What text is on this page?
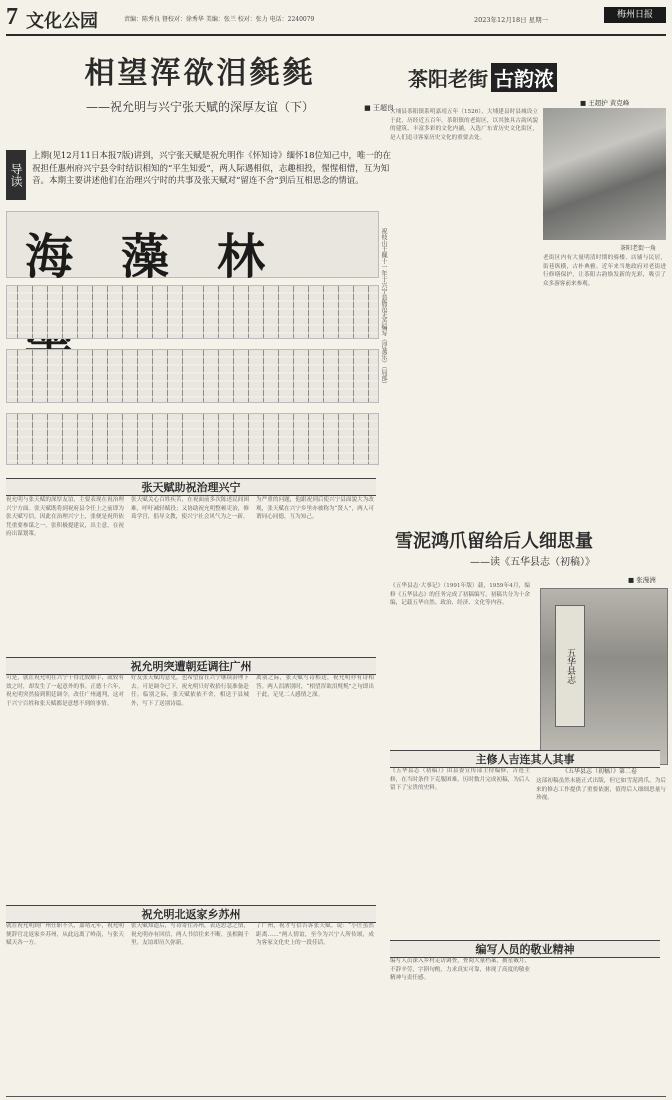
7 文化公园	责编：陈秀良 督校对：徐秀华 美编：张兰 校对：张力 电话：2240079	2023年12月18日 星期一	梅州日报
相望浑欲泪毵毵
——祝允明与兴宁张天赋的深厚友谊（下）	■ 王超良
导读
上期(见12月11日本报7版)讲到，兴宁张天赋是祝允明作《怀知诗》缅怀18位知己中，唯一的在祝担任惠州府兴宁县令时结识相知的“平生知爱”，两人际遇相似，志趣相投，惺惺相惜，互为知音。本期主要讲述他们在治理兴宁时的共事及张天赋对“留连不舍”到后互相思念的情谊。
海 藻 林	祝枝山王佩十一年于兴宁县衙范无苦编写《浮蒸乐》（局部）
张天赋助祝治理兴宁
祝允明与张天赋的深厚友谊，主要表现在祝治理兴宁方面。张天赋既将到祝府县令任上之前即为张天赋写信，因此在治理兴宁上，张便是祝所依凭重要参谋之一。张积极提建议，出主意，在祝府出谋划策。
张天赋关心百姓疾苦，在祝面前多次陈述民间困难，呼吁减轻赋役；又协助祝允明整顿吏治，修葺学宫，倡导文教，使兴宁社会风气为之一新。
为严重的问题，他跟祝到后使兴宁县面貌大为改观，张天赋在兴宁乡里亦被称为“贤人”，两人可谓同心同德，互为知己。
祝允明突遭朝廷调往广州
可是，就在祝允明在兴宁干得比较顺手，或较有效之时，却发生了一起意外的事。正德十六年，祝允明突然接到朝廷调令，改任广州通判，这对于兴宁百姓和张天赋都是意想不到的事情。
好友张天赋的意见，也希望留在兴宁继续治理下去。可是调令已下，祝允明只好收拾行装准备赴任。临别之际，张天赋依依不舍，相送于县城外，写下了送别诗篇。
离别之际，张天赋写诗相送，祝允明亦有诗相答。两人泪洒别时，“相望浑欲泪毵毵”之句即出于此，足见二人感情之深。
祝允明北返家乡苏州
就在祝允明到广州任职不久，嘉靖元年，祝允明便辞官北返家乡苏州，从此远离了岭南，与张天赋天各一方。
张天赋知道后，写诗寄往苏州，表达思念之情，祝允明亦有回信，两人书信往来不断，虽相隔千里，友谊却历久弥新。
了广州，祝才写信告诉张天赋。说：“小庄虽然距离……”两人情谊，至今为兴宁人所传颂，成为客家文化史上的一段佳话。
茶阳老街 古韵浓
■ 王超护 黄克峰
大埔县茶阳镇系明嘉靖五年（1526），大埔建县时县城设立于此，历经近五百年。茶阳镇的老街区，以其独具古韵风貌的建筑、丰富多彩的文化内涵，入选广东省历史文化街区，是人们追寻客家历史文化的重要去处。
茶阳老街一角
老街区内有大量明清时期的骑楼、店铺与民居，街巷纵横，古朴典雅。近年来当地政府对老街进行修缮保护，让茶阳古韵焕发新的光彩，吸引了众多游客前来参观。
雪泥鸿爪留给后人细思量
——读《五华县志（初稿）》
■ 张漫洲
《五华县志·大事记》（1991年版）载，1959年4月，编修《五华县志》的任务完成了初稿编写，初稿共分为十余编，记载五华自然、政治、经济、文化等内容。
五华县志
《五华县志（初稿）》第二卷
主修人吉连其人其事
《五华县志（初稿）》由县委宣传部主持编修，吉连主修，在当时条件下克服困难，历时数月完成初稿，为后人留下了宝贵的史料。
这部初稿虽然未能正式出版，但它如雪泥鸿爪，为后来的修志工作提供了重要依据，值得后人细细思量与珍视。
编写人员的敬业精神
编写人员深入乡村走访调查，查阅大量档案，披星戴月，不辞辛劳，字斟句酌，力求真实可靠，体现了高度的敬业精神与责任感。
